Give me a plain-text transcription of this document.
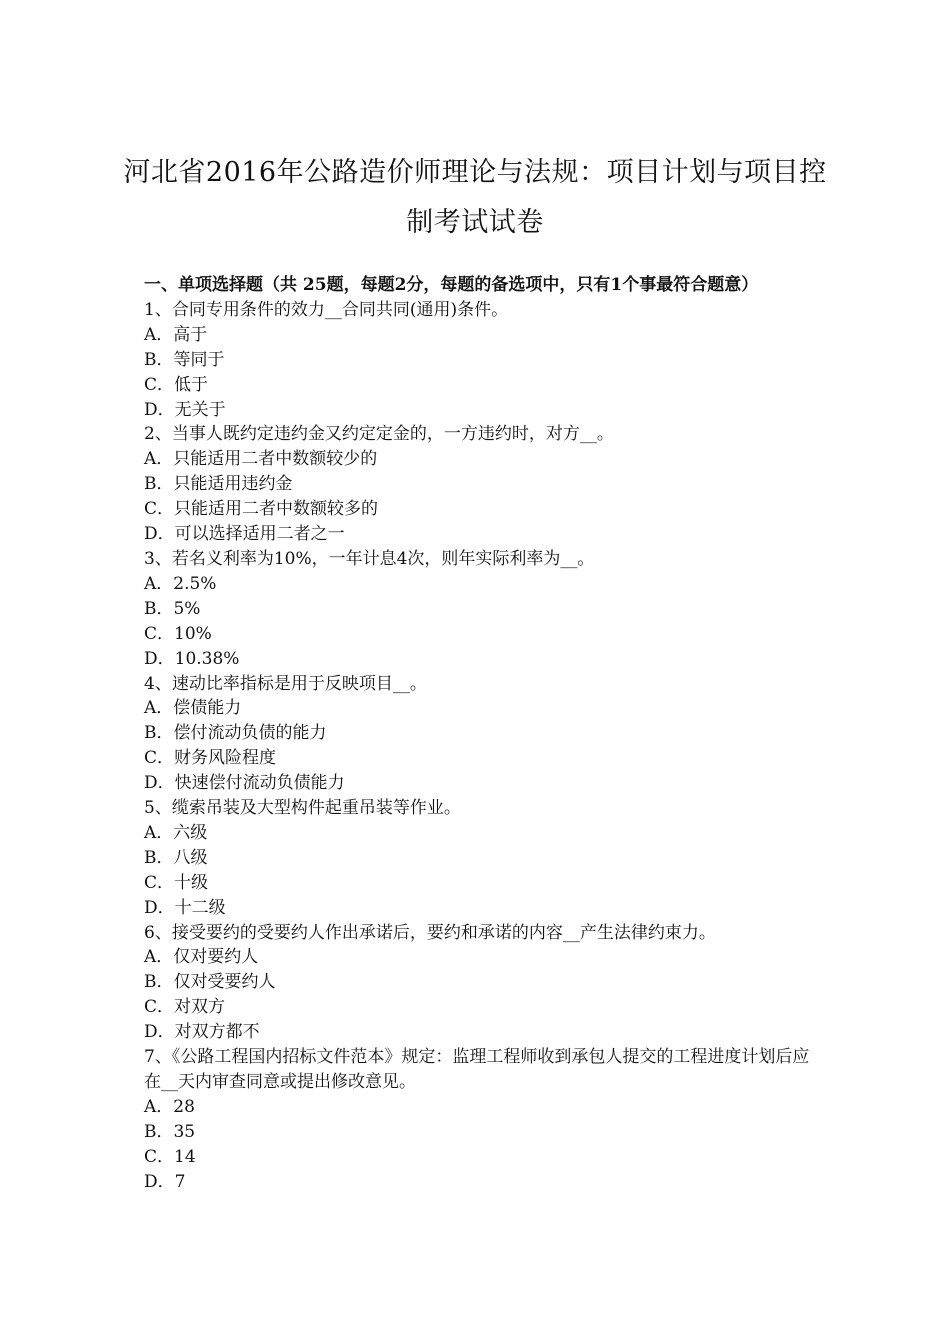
河北省2016年公路造价师理论与法规：项目计划与项目控
制考试试卷

一、单项选择题（共 25题，每题2分，每题的备选项中，只有1个事最符合题意）

1、合同专用条件的效力__合同共同(通用)条件。

A．高于

B．等同于

C．低于

D．无关于

2、当事人既约定违约金又约定定金的，一方违约时，对方__。

A．只能适用二者中数额较少的

B．只能适用违约金

C．只能适用二者中数额较多的

D．可以选择适用二者之一

3、若名义利率为10%，一年计息4次，则年实际利率为__。

A．2.5%

B．5%

C．10%

D．10.38%

4、速动比率指标是用于反映项目__。

A．偿债能力

B．偿付流动负债的能力

C．财务风险程度

D．快速偿付流动负债能力

5、缆索吊装及大型构件起重吊装等作业。

A．六级

B．八级

C．十级

D．十二级

6、接受要约的受要约人作出承诺后，要约和承诺的内容__产生法律约束力。

A．仅对要约人

B．仅对受要约人

C．对双方

D．对双方都不

7、《公路工程国内招标文件范本》规定：监理工程师收到承包人提交的工程进度计划后应在__天内审查同意或提出修改意见。

A．28

B．35

C．14

D．7
